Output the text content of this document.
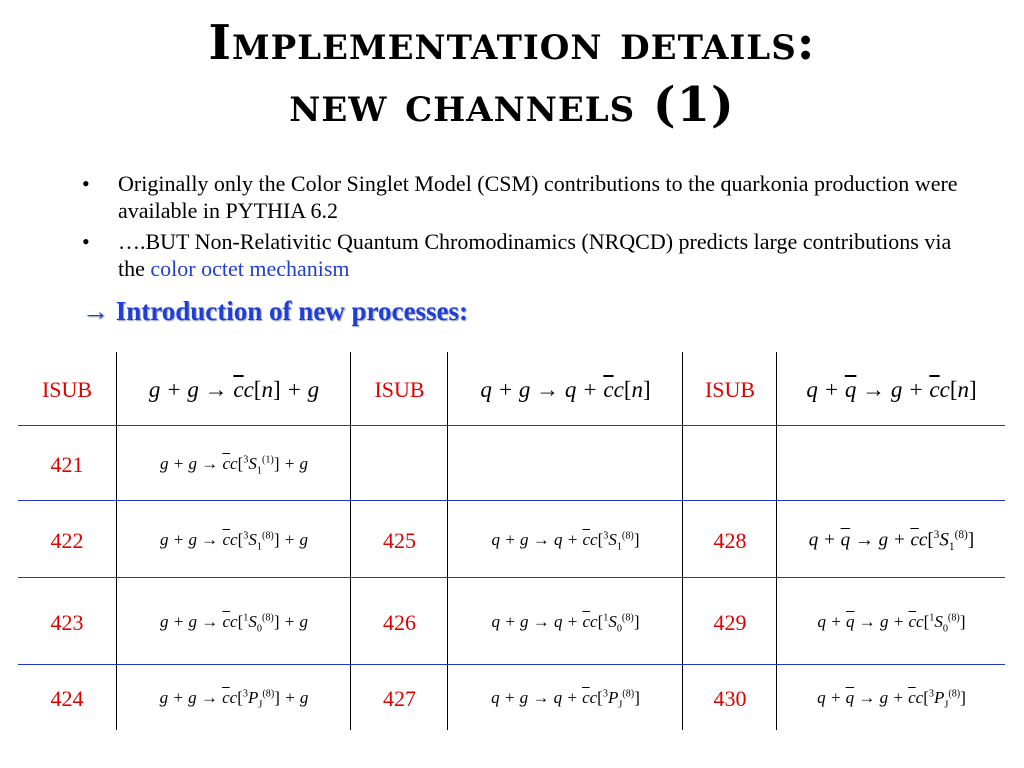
Implementation details:
new channels (1)
• Originally only the Color Singlet Model (CSM) contributions to the quarkonia production were available in PYTHIA 6.2
• ….BUT Non-Relativitic Quantum Chromodinamics (NRQCD) predicts large contributions via the color octet mechanism
→ Introduction of new processes:
ISUB	$g + g \to \overline{c}c[n] + g$	ISUB	$q + g \to q + \overline{c}c[n]$	ISUB	$q + \overline{q} \to g + \overline{c}c[n]$
421	$g + g \to \overline{c}c[^3S_1^{(1)}] + g$
422	$g + g \to \overline{c}c[^3S_1^{(8)}] + g$	425	$q + g \to q + \overline{c}c[^3S_1^{(8)}]$	428	$q + \overline{q} \to g + \overline{c}c[^3S_1^{(8)}]$
423	$g + g \to \overline{c}c[^1S_0^{(8)}] + g$	426	$q + g \to q + \overline{c}c[^1S_0^{(8)}]$	429	$q + \overline{q} \to g + \overline{c}c[^1S_0^{(8)}]$
424	$g + g \to \overline{c}c[^3P_J^{(8)}] + g$	427	$q + g \to q + \overline{c}c[^3P_J^{(8)}]$	430	$q + \overline{q} \to g + \overline{c}c[^3P_J^{(8)}]$
